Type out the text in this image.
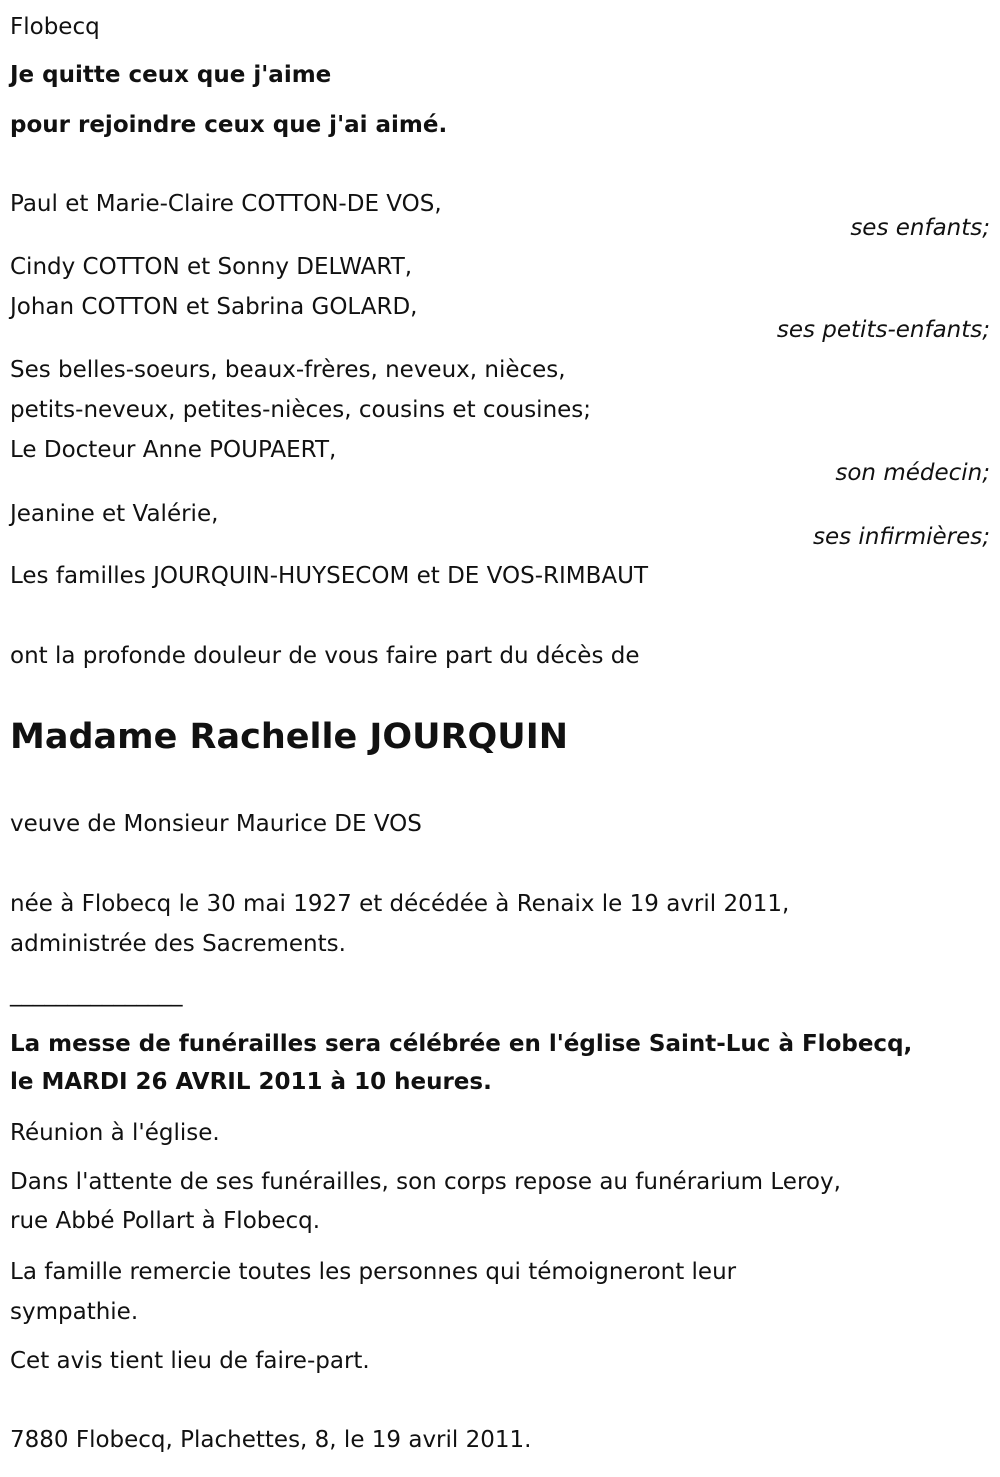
Flobecq
Je quitte ceux que j'aime
pour rejoindre ceux que j'ai aimé.
Paul et Marie-Claire COTTON-DE VOS,
ses enfants;
Cindy COTTON et Sonny DELWART,
Johan COTTON et Sabrina GOLARD,
ses petits-enfants;
Ses belles-soeurs, beaux-frères, neveux, nièces,
petits-neveux, petites-nièces, cousins et cousines;
Le Docteur Anne POUPAERT,
son médecin;
Jeanine et Valérie,
ses infirmières;
Les familles JOURQUIN-HUYSECOM et DE VOS-RIMBAUT
ont la profonde douleur de vous faire part du décès de
Madame Rachelle JOURQUIN
veuve de Monsieur Maurice DE VOS
née à Flobecq le 30 mai 1927 et décédée à Renaix le 19 avril 2011,
administrée des Sacrements.
_______________
La messe de funérailles sera célébrée en l'église Saint-Luc à Flobecq,
le MARDI 26 AVRIL 2011 à 10 heures.
Réunion à l'église.
Dans l'attente de ses funérailles, son corps repose au funérarium Leroy,
rue Abbé Pollart à Flobecq.
La famille remercie toutes les personnes qui témoigneront leur
sympathie.
Cet avis tient lieu de faire-part.
7880 Flobecq, Plachettes, 8, le 19 avril 2011.
